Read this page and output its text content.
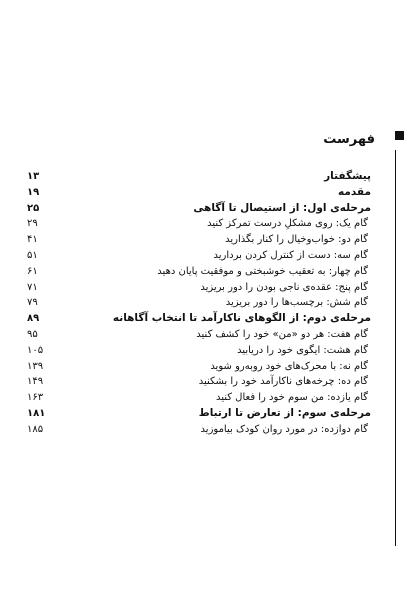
فهرست
پیشگفتار
۱۳
مقدمه
۱۹
مرحله‌ی اول: از استیصال تا آگاهی
۲۵
گام یک: روی مشکلِ درست تمرکز کنید
۲۹
گام دو: خواب‌وخیال را کنار بگذارید
۴۱
گام سه: دست از کنترل کردن بردارید
۵۱
گام چهار: به تعقیب خوشبختی و موفقیت پایان دهید
۶۱
گام پنج: عقده‌ی ناجی بودن را دور بریزید
۷۱
گام شش: برچسب‌ها را دور بریزید
۷۹
مرحله‌ی دوم: از الگوهای ناکارآمد تا انتخاب آگاهانه
۸۹
گام هفت: هر دو «من» خود را کشف کنید
۹۵
گام هشت: ایگوی خود را دریابید
۱۰۵
گام نه: با محرک‌های خود روبه‌رو شوید
۱۳۹
گام ده: چرخه‌های ناکارآمد خود را بشکنید
۱۴۹
گام یازده: من سوم خود را فعال کنید
۱۶۳
مرحله‌ی سوم: از تعارض تا ارتباط
۱۸۱
گام دوازده: در مورد روان کودک بیاموزید
۱۸۵
